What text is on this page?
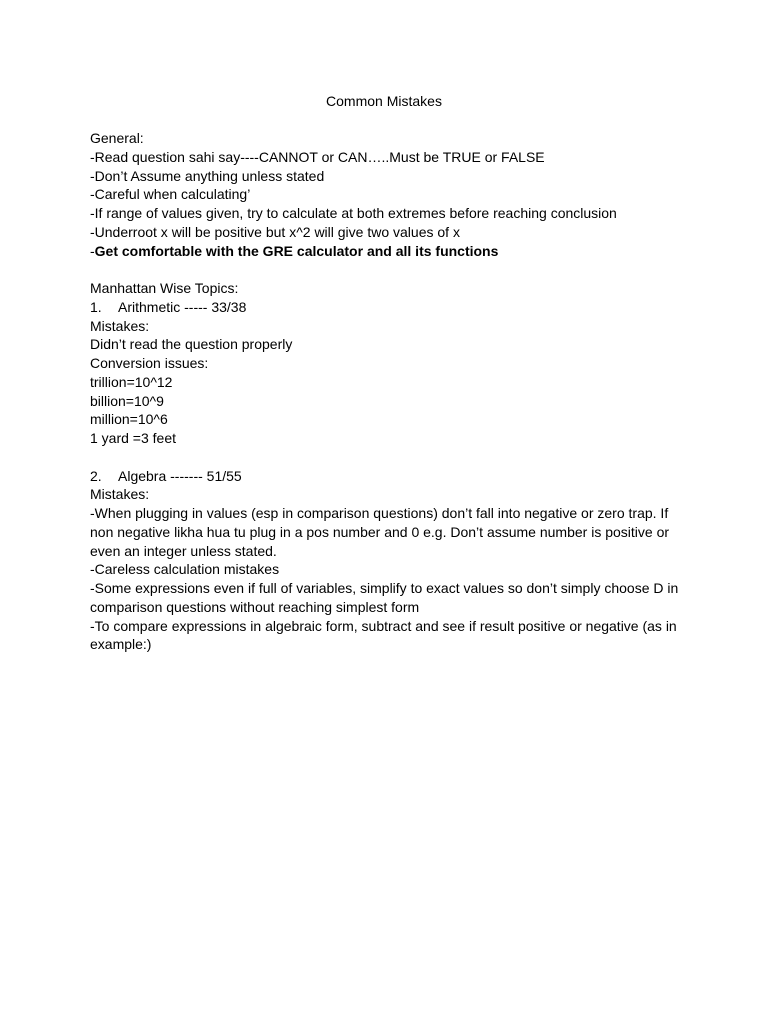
Common Mistakes

General:

-Read question sahi say----CANNOT or CAN…..Must be TRUE or FALSE

-Don’t Assume anything unless stated

-Careful when calculating’

-If range of values given, try to calculate at both extremes before reaching conclusion

-Underroot x will be positive but x^2 will give two values of x

-Get comfortable with the GRE calculator and all its functions

Manhattan Wise Topics:

1. Arithmetic ----- 33/38

Mistakes:

Didn’t read the question properly

Conversion issues:

trillion=10^12

billion=10^9

million=10^6

1 yard =3 feet

2. Algebra ------- 51/55

Mistakes:

-When plugging in values (esp in comparison questions) don’t fall into negative or zero trap. If non negative likha hua tu plug in a pos number and 0 e.g. Don’t assume number is positive or even an integer unless stated.

-Careless calculation mistakes

-Some expressions even if full of variables, simplify to exact values so don’t simply choose D in comparison questions without reaching simplest form

-To compare expressions in algebraic form, subtract and see if result positive or negative (as in example:)
